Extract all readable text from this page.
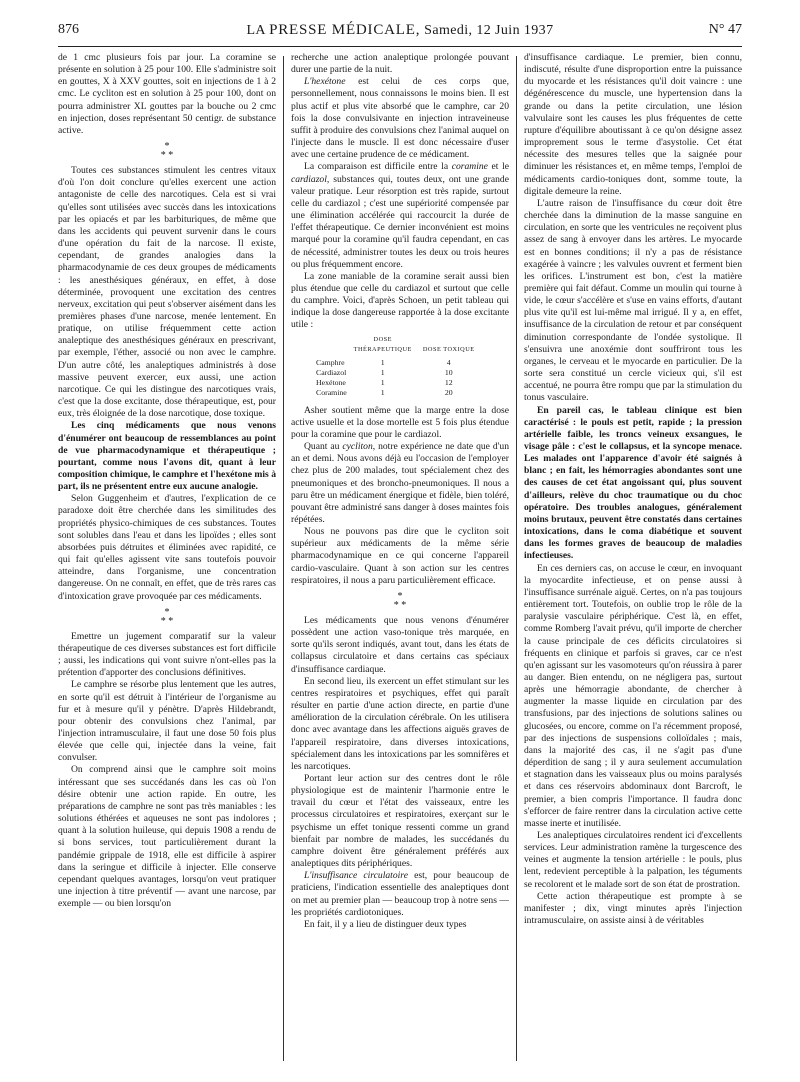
876	LA PRESSE MÉDICALE, Samedi, 12 Juin 1937	N° 47

de 1 cmc plusieurs fois par jour. La coramine se présente en solution à 25 pour 100. Elle s'administre soit en gouttes, X à XXV gouttes, soit en injections de 1 à 2 cmc. Le cycliton est en solution à 25 pour 100, dont on pourra administrer XL gouttes par la bouche ou 2 cmc en injection, doses représentant 50 centigr. de substance active.

*
* *

Toutes ces substances stimulent les centres vitaux d'où l'on doit conclure qu'elles exercent une action antagoniste de celle des narcotiques. Cela est si vrai qu'elles sont utilisées avec succès dans les intoxications par les opiacés et par les barbituriques, de même que dans les accidents qui peuvent survenir dans le cours d'une opération du fait de la narcose. Il existe, cependant, de grandes analogies dans la pharmacodynamie de ces deux groupes de médicaments : les anesthésiques généraux, en effet, à dose déterminée, provoquent une excitation des centres nerveux, excitation qui peut s'observer aisément dans les premières phases d'une narcose, menée lentement. En pratique, on utilise fréquemment cette action analeptique des anesthésiques généraux en prescrivant, par exemple, l'éther, associé ou non avec le camphre. D'un autre côté, les analeptiques administrés à dose massive peuvent exercer, eux aussi, une action narcotique. Ce qui les distingue des narcotiques vrais, c'est que la dose excitante, dose thérapeutique, est, pour eux, très éloignée de la dose narcotique, dose toxique.

Les cinq médicaments que nous venons d'énumérer ont beaucoup de ressemblances au point de vue pharmacodynamique et thérapeutique ; pourtant, comme nous l'avons dit, quant à leur composition chimique, le camphre et l'hexétone mis à part, ils ne présentent entre eux aucune analogie.

Selon Guggenheim et d'autres, l'explication de ce paradoxe doit être cherchée dans les similitudes des propriétés physico-chimiques de ces substances. Toutes sont solubles dans l'eau et dans les lipoïdes ; elles sont absorbées puis détruites et éliminées avec rapidité, ce qui fait qu'elles agissent vite sans toutefois pouvoir atteindre, dans l'organisme, une concentration dangereuse. On ne connaît, en effet, que de très rares cas d'intoxication grave provoquée par ces médicaments.

*
* *

Emettre un jugement comparatif sur la valeur thérapeutique de ces diverses substances est fort difficile ; aussi, les indications qui vont suivre n'ont-elles pas la prétention d'apporter des conclusions définitives.

Le camphre se résorbe plus lentement que les autres, en sorte qu'il est détruit à l'intérieur de l'organisme au fur et à mesure qu'il y pénètre. D'après Hildebrandt, pour obtenir des convulsions chez l'animal, par l'injection intramusculaire, il faut une dose 50 fois plus élevée que celle qui, injectée dans la veine, fait convulser.

On comprend ainsi que le camphre soit moins intéressant que ses succédanés dans les cas où l'on désire obtenir une action rapide. En outre, les préparations de camphre ne sont pas très maniables : les solutions éthérées et aqueuses ne sont pas indolores ; quant à la solution huileuse, qui depuis 1908 a rendu de si bons services, tout particulièrement durant la pandémie grippale de 1918, elle est difficile à aspirer dans la seringue et difficile à injecter. Elle conserve cependant quelques avantages, lorsqu'on veut pratiquer une injection à titre préventif — avant une narcose, par exemple — ou bien lorsqu'on

recherche une action analeptique prolongée pouvant durer une partie de la nuit.

L'hexétone est celui de ces corps que, personnellement, nous connaissons le moins bien. Il est plus actif et plus vite absorbé que le camphre, car 20 fois la dose convulsivante en injection intraveineuse suffit à produire des convulsions chez l'animal auquel on l'injecte dans le muscle. Il est donc nécessaire d'user avec une certaine prudence de ce médicament.

La comparaison est difficile entre la coramine et le cardiazol, substances qui, toutes deux, ont une grande valeur pratique. Leur résorption est très rapide, surtout celle du cardiazol ; c'est une supériorité compensée par une élimination accélérée qui raccourcit la durée de l'effet thérapeutique. Ce dernier inconvénient est moins marqué pour la coramine qu'il faudra cependant, en cas de nécessité, administrer toutes les deux ou trois heures ou plus fréquemment encore.

La zone maniable de la coramine serait aussi bien plus étendue que celle du cardiazol et surtout que celle du camphre. Voici, d'après Schoen, un petit tableau qui indique la dose dangereuse rapportée à la dose excitante utile :

	DOSE THÉRAPEUTIQUE	DOSE TOXIQUE
Camphre	1	4
Cardiazol	1	10
Hexétone	1	12
Coramine	1	20

Asher soutient même que la marge entre la dose active usuelle et la dose mortelle est 5 fois plus étendue pour la coramine que pour le cardiazol.

Quant au cycliton, notre expérience ne date que d'un an et demi. Nous avons déjà eu l'occasion de l'employer chez plus de 200 malades, tout spécialement chez des pneumoniques et des broncho-pneumoniques. Il nous a paru être un médicament énergique et fidèle, bien toléré, pouvant être administré sans danger à doses maintes fois répétées.

Nous ne pouvons pas dire que le cycliton soit supérieur aux médicaments de la même série pharmacodynamique en ce qui concerne l'appareil cardio-vasculaire. Quant à son action sur les centres respiratoires, il nous a paru particulièrement efficace.

*
* *

Les médicaments que nous venons d'énumérer possèdent une action vaso-tonique très marquée, en sorte qu'ils seront indiqués, avant tout, dans les états de collapsus circulatoire et dans certains cas spéciaux d'insuffisance cardiaque.

En second lieu, ils exercent un effet stimulant sur les centres respiratoires et psychiques, effet qui paraît résulter en partie d'une action directe, en partie d'une amélioration de la circulation cérébrale. On les utilisera donc avec avantage dans les affections aiguës graves de l'appareil respiratoire, dans diverses intoxications, spécialement dans les intoxications par les somnifères et les narcotiques.

Portant leur action sur des centres dont le rôle physiologique est de maintenir l'harmonie entre le travail du cœur et l'état des vaisseaux, entre les processus circulatoires et respiratoires, exerçant sur le psychisme un effet tonique ressenti comme un grand bienfait par nombre de malades, les succédanés du camphre doivent être généralement préférés aux analeptiques dits périphériques.

L'insuffisance circulatoire est, pour beaucoup de praticiens, l'indication essentielle des analeptiques dont on met au premier plan — beaucoup trop à notre sens — les propriétés cardiotoniques.

En fait, il y a lieu de distinguer deux types

d'insuffisance cardiaque. Le premier, bien connu, indiscuté, résulte d'une disproportion entre la puissance du myocarde et les résistances qu'il doit vaincre : une dégénérescence du muscle, une hypertension dans la grande ou dans la petite circulation, une lésion valvulaire sont les causes les plus fréquentes de cette rupture d'équilibre aboutissant à ce qu'on désigne assez improprement sous le terme d'asystolie. Cet état nécessite des mesures telles que la saignée pour diminuer les résistances et, en même temps, l'emploi de médicaments cardio-toniques dont, somme toute, la digitale demeure la reine.

L'autre raison de l'insuffisance du cœur doit être cherchée dans la diminution de la masse sanguine en circulation, en sorte que les ventricules ne reçoivent plus assez de sang à envoyer dans les artères. Le myocarde est en bonnes conditions; il n'y a pas de résistance exagérée à vaincre ; les valvules ouvrent et ferment bien les orifices. L'instrument est bon, c'est la matière première qui fait défaut. Comme un moulin qui tourne à vide, le cœur s'accélère et s'use en vains efforts, d'autant plus vite qu'il est lui-même mal irrigué. Il y a, en effet, insuffisance de la circulation de retour et par conséquent diminution correspondante de l'ondée systolique. Il s'ensuivra une anoxémie dont souffriront tous les organes, le cerveau et le myocarde en particulier. De la sorte sera constitué un cercle vicieux qui, s'il est accentué, ne pourra être rompu que par la stimulation du tonus vasculaire.

En pareil cas, le tableau clinique est bien caractérisé : le pouls est petit, rapide ; la pression artérielle faible, les troncs veineux exsangues, le visage pâle : c'est le collapsus, et la syncope menace. Les malades ont l'apparence d'avoir été saignés à blanc ; en fait, les hémorragies abondantes sont une des causes de cet état angoissant qui, plus souvent d'ailleurs, relève du choc traumatique ou du choc opératoire. Des troubles analogues, généralement moins brutaux, peuvent être constatés dans certaines intoxications, dans le coma diabétique et souvent dans les formes graves de beaucoup de maladies infectieuses.

En ces derniers cas, on accuse le cœur, en invoquant la myocardite infectieuse, et on pense aussi à l'insuffisance surrénale aiguë. Certes, on n'a pas toujours entièrement tort. Toutefois, on oublie trop le rôle de la paralysie vasculaire périphérique. C'est là, en effet, comme Romberg l'avait prévu, qu'il importe de chercher la cause principale de ces déficits circulatoires si fréquents en clinique et parfois si graves, car ce n'est qu'en agissant sur les vasomoteurs qu'on réussira à parer au danger. Bien entendu, on ne négligera pas, surtout après une hémorragie abondante, de chercher à augmenter la masse liquide en circulation par des transfusions, par des injections de solutions salines ou glucosées, ou encore, comme on l'a récemment proposé, par des injections de suspensions colloïdales ; mais, dans la majorité des cas, il ne s'agit pas d'une déperdition de sang ; il y aura seulement accumulation et stagnation dans les vaisseaux plus ou moins paralysés et dans ces réservoirs abdominaux dont Barcroft, le premier, a bien compris l'importance. Il faudra donc s'efforcer de faire rentrer dans la circulation active cette masse inerte et inutilisée.

Les analeptiques circulatoires rendent ici d'excellents services. Leur administration ramène la turgescence des veines et augmente la tension artérielle : le pouls, plus lent, redevient perceptible à la palpation, les téguments se recolorent et le malade sort de son état de prostration.

Cette action thérapeutique est prompte à se manifester ; dix, vingt minutes après l'injection intramusculaire, on assiste ainsi à de véritables
